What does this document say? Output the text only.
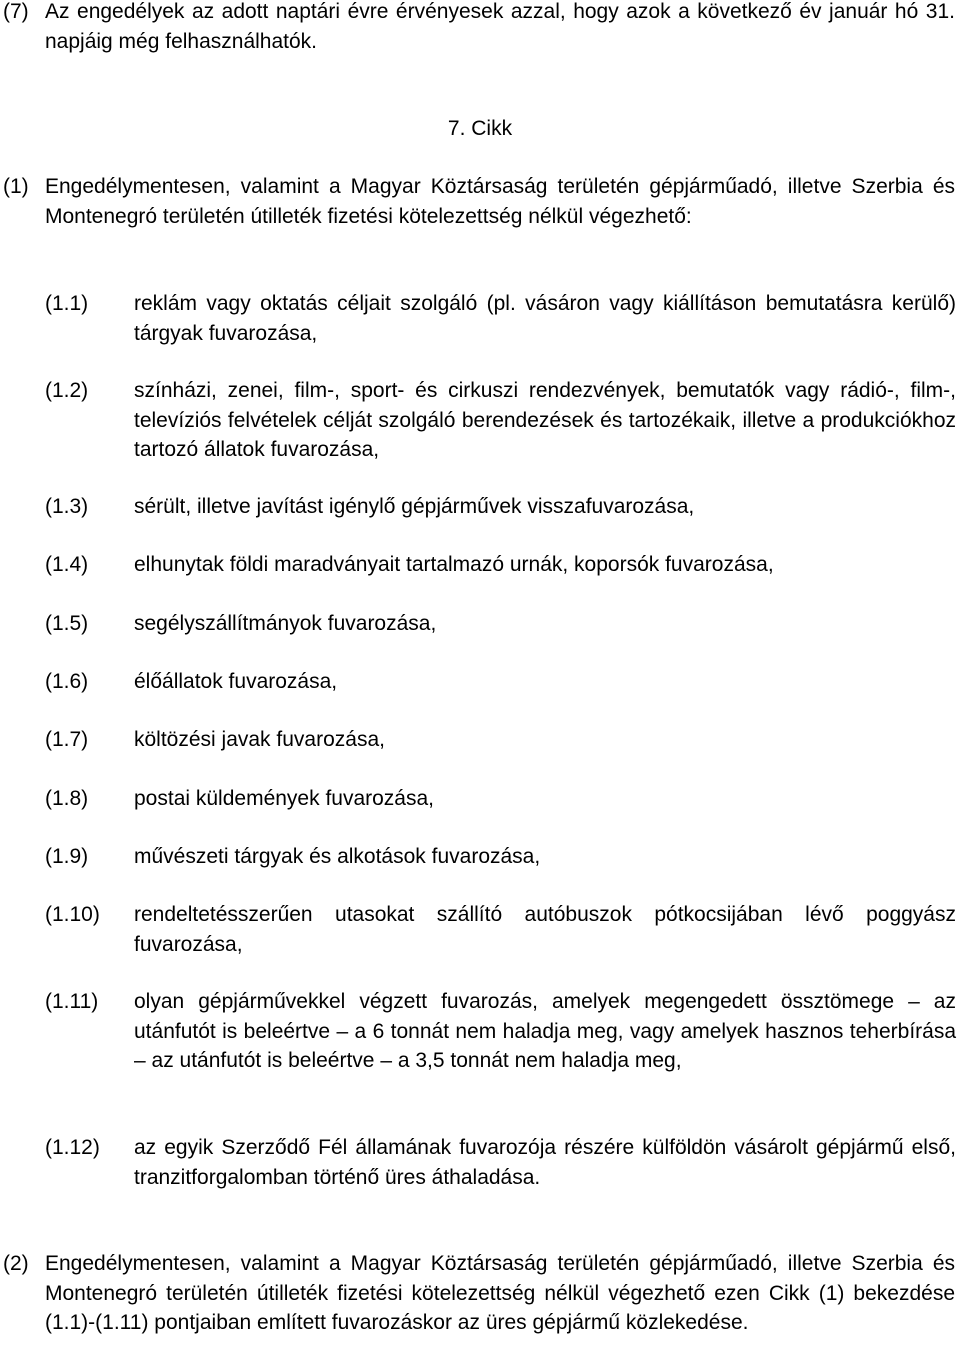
(7) Az engedélyek az adott naptári évre érvényesek azzal, hogy azok a következő év január hó 31. napjáig még felhasználhatók.
7. Cikk
(1) Engedélymentesen, valamint a Magyar Köztársaság területén gépjárműadó, illetve Szerbia és Montenegró területén útilleték fizetési kötelezettség nélkül végezhető:
(1.1) reklám vagy oktatás céljait szolgáló (pl. vásáron vagy kiállításon bemutatásra kerülő) tárgyak fuvarozása,
(1.2) színházi, zenei, film-, sport- és cirkuszi rendezvények, bemutatók vagy rádió-, film-, televíziós felvételek célját szolgáló berendezések és tartozékaik, illetve a produkciókhoz tartozó állatok fuvarozása,
(1.3) sérült, illetve javítást igénylő gépjárművek visszafuvarozása,
(1.4) elhunytak földi maradványait tartalmazó urnák, koporsók fuvarozása,
(1.5) segélyszállítmányok fuvarozása,
(1.6) élőállatok fuvarozása,
(1.7) költözési javak fuvarozása,
(1.8) postai küldemények fuvarozása,
(1.9) művészeti tárgyak és alkotások fuvarozása,
(1.10) rendeltetésszerűen utasokat szállító autóbuszok pótkocsijában lévő poggyász fuvarozása,
(1.11) olyan gépjárművekkel végzett fuvarozás, amelyek megengedett össztömege – az utánfutót is beleértve – a 6 tonnát nem haladja meg, vagy amelyek hasznos teherbírása – az utánfutót is beleértve – a 3,5 tonnát nem haladja meg,
(1.12) az egyik Szerződő Fél államának fuvarozója részére külföldön vásárolt gépjármű első, tranzitforgalomban történő üres áthaladása.
(2) Engedélymentesen, valamint a Magyar Köztársaság területén gépjárműadó, illetve Szerbia és Montenegró területén útilleték fizetési kötelezettség nélkül végezhető ezen Cikk (1) bekezdése (1.1)-(1.11) pontjaiban említett fuvarozáskor az üres gépjármű közlekedése.
